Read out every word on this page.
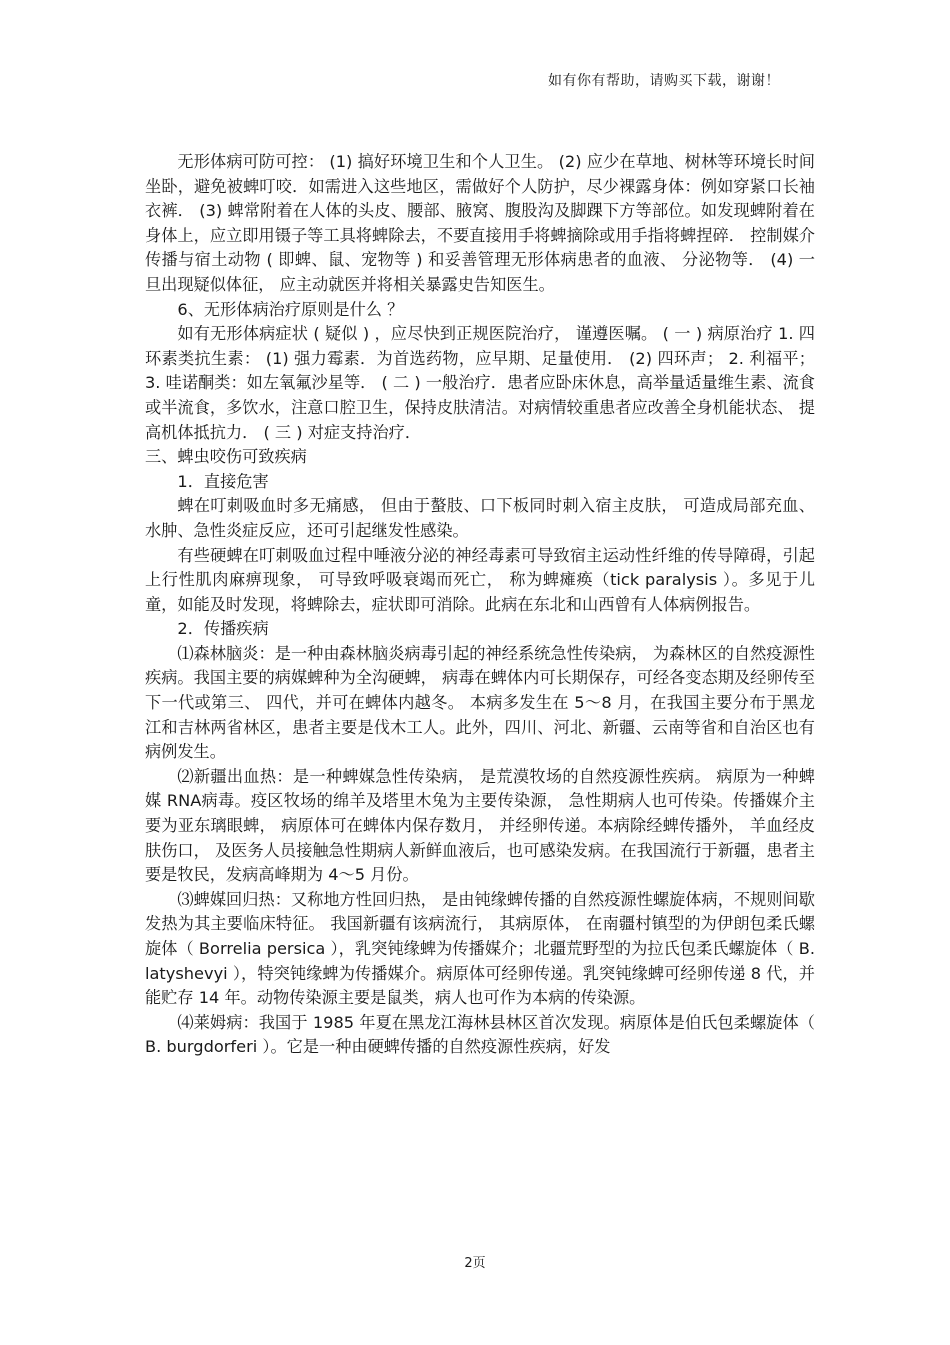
如有你有帮助，请购买下载，谢谢！

无形体病可防可控： (1) 搞好环境卫生和个人卫生。 (2) 应少在草地、树林等环境长时间坐卧，避免被蜱叮咬．如需进入这些地区，需做好个人防护，尽少裸露身体：例如穿紧口长袖衣裤． (3) 蜱常附着在人体的头皮、腰部、腋窝、腹股沟及脚踝下方等部位。如发现蜱附着在身体上，应立即用镊子等工具将蜱除去，不要直接用手将蜱摘除或用手指将蜱捏碎． 控制媒介传播与宿土动物 ( 即蜱、鼠、宠物等 ) 和妥善管理无形体病患者的血液、 分泌物等． (4) 一旦出现疑似体征， 应主动就医并将相关暴露史告知医生。

6、无形体病治疗原则是什么 ？

如有无形体病症状 ( 疑似 ) ，应尽快到正规医院治疗， 谨遵医嘱。 ( 一 ) 病原治疗 1. 四环素类抗生素： (1) 强力霉素．为首选药物，应早期、足量使用． (2) 四环声； 2. 利福平； 3. 哇诺酮类：如左氧氟沙星等． ( 二 ) 一般治疗．患者应卧床休息，高举量适量维生素、流食或半流食，多饮水，注意口腔卫生，保持皮肤清洁。对病情较重患者应改善全身机能状态、 提高机体抵抗力． ( 三 ) 对症支持治疗．

三、蜱虫咬伤可致疾病

1．直接危害

蜱在叮刺吸血时多无痛感， 但由于螯肢、口下板同时刺入宿主皮肤， 可造成局部充血、水肿、急性炎症反应，还可引起继发性感染。

有些硬蜱在叮刺吸血过程中唾液分泌的神经毒素可导致宿主运动性纤维的传导障碍，引起上行性肌肉麻痹现象， 可导致呼吸衰竭而死亡， 称为蜱瘫痪（tick paralysis ）。多见于儿童，如能及时发现，将蜱除去，症状即可消除。此病在东北和山西曾有人体病例报告。

2．传播疾病

⑴森林脑炎：是一种由森林脑炎病毒引起的神经系统急性传染病， 为森林区的自然疫源性疾病。我国主要的病媒蜱种为全沟硬蜱， 病毒在蜱体内可长期保存，可经各变态期及经卵传至下一代或第三、 四代，并可在蜱体内越冬。 本病多发生在 5～8 月，在我国主要分布于黑龙江和吉林两省林区，患者主要是伐木工人。此外，四川、河北、新疆、云南等省和自治区也有病例发生。

⑵新疆出血热：是一种蜱媒急性传染病， 是荒漠牧场的自然疫源性疾病。 病原为一种蜱媒 RNA病毒。疫区牧场的绵羊及塔里木兔为主要传染源， 急性期病人也可传染。传播媒介主要为亚东璃眼蜱， 病原体可在蜱体内保存数月， 并经卵传递。本病除经蜱传播外， 羊血经皮肤伤口， 及医务人员接触急性期病人新鲜血液后，也可感染发病。在我国流行于新疆，患者主要是牧民，发病高峰期为 4～5 月份。

⑶蜱媒回归热：又称地方性回归热， 是由钝缘蜱传播的自然疫源性螺旋体病，不规则间歇发热为其主要临床特征。 我国新疆有该病流行， 其病原体， 在南疆村镇型的为伊朗包柔氏螺旋体（ Borrelia persica ），乳突钝缘蜱为传播媒介；北疆荒野型的为拉氏包柔氏螺旋体（ B. latyshevyi ），特突钝缘蜱为传播媒介。病原体可经卵传递。乳突钝缘蜱可经卵传递 8 代，并能贮存 14 年。动物传染源主要是鼠类，病人也可作为本病的传染源。

⑷莱姆病：我国于 1985 年夏在黑龙江海林县林区首次发现。病原体是伯氏包柔螺旋体（ B. burgdorferi ）。它是一种由硬蜱传播的自然疫源性疾病，好发

2页
